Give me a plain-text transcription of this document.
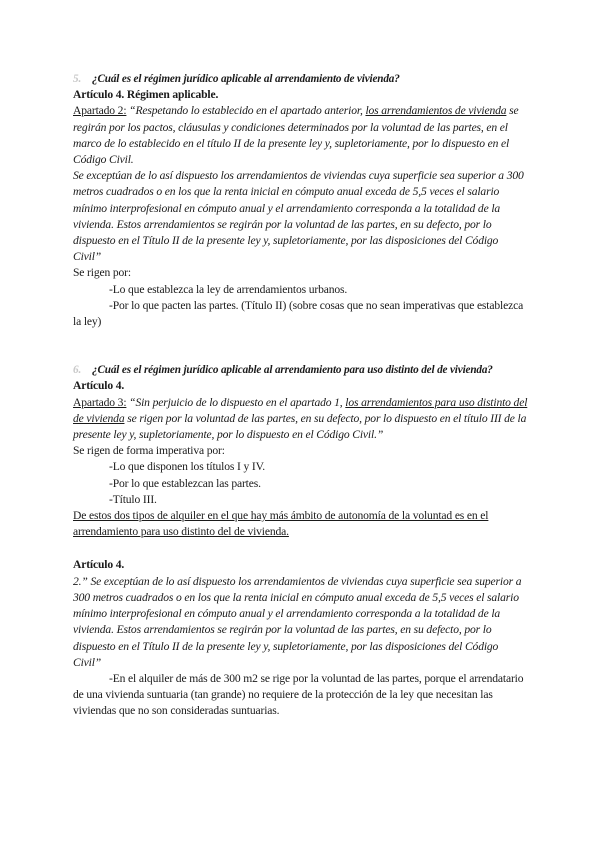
5. ¿Cuál es el régimen jurídico aplicable al arrendamiento de vivienda?

Artículo 4. Régimen aplicable.

Apartado 2: “Respetando lo establecido en el apartado anterior, los arrendamientos de vivienda se regirán por los pactos, cláusulas y condiciones determinados por la voluntad de las partes, en el marco de lo establecido en el título II de la presente ley y, supletoriamente, por lo dispuesto en el Código Civil.

Se exceptúan de lo así dispuesto los arrendamientos de viviendas cuya superficie sea superior a 300 metros cuadrados o en los que la renta inicial en cómputo anual exceda de 5,5 veces el salario mínimo interprofesional en cómputo anual y el arrendamiento corresponda a la totalidad de la vivienda. Estos arrendamientos se regirán por la voluntad de las partes, en su defecto, por lo dispuesto en el Título II de la presente ley y, supletoriamente, por las disposiciones del Código Civil”

Se rigen por:

-Lo que establezca la ley de arrendamientos urbanos.

-Por lo que pacten las partes. (Título II) (sobre cosas que no sean imperativas que establezca la ley)

6. ¿Cuál es el régimen jurídico aplicable al arrendamiento para uso distinto del de vivienda?

Artículo 4.

Apartado 3: “Sin perjuicio de lo dispuesto en el apartado 1, los arrendamientos para uso distinto del de vivienda se rigen por la voluntad de las partes, en su defecto, por lo dispuesto en el título III de la presente ley y, supletoriamente, por lo dispuesto en el Código Civil.”

Se rigen de forma imperativa por:

-Lo que disponen los títulos I y IV.

-Por lo que establezcan las partes.

-Título III.

De estos dos tipos de alquiler en el que hay más ámbito de autonomía de la voluntad es en el arrendamiento para uso distinto del de vivienda.

Artículo 4.

2.” Se exceptúan de lo así dispuesto los arrendamientos de viviendas cuya superficie sea superior a 300 metros cuadrados o en los que la renta inicial en cómputo anual exceda de 5,5 veces el salario mínimo interprofesional en cómputo anual y el arrendamiento corresponda a la totalidad de la vivienda. Estos arrendamientos se regirán por la voluntad de las partes, en su defecto, por lo dispuesto en el Título II de la presente ley y, supletoriamente, por las disposiciones del Código Civil”

-En el alquiler de más de 300 m2 se rige por la voluntad de las partes, porque el arrendatario de una vivienda suntuaria (tan grande) no requiere de la protección de la ley que necesitan las viviendas que no son consideradas suntuarias.
